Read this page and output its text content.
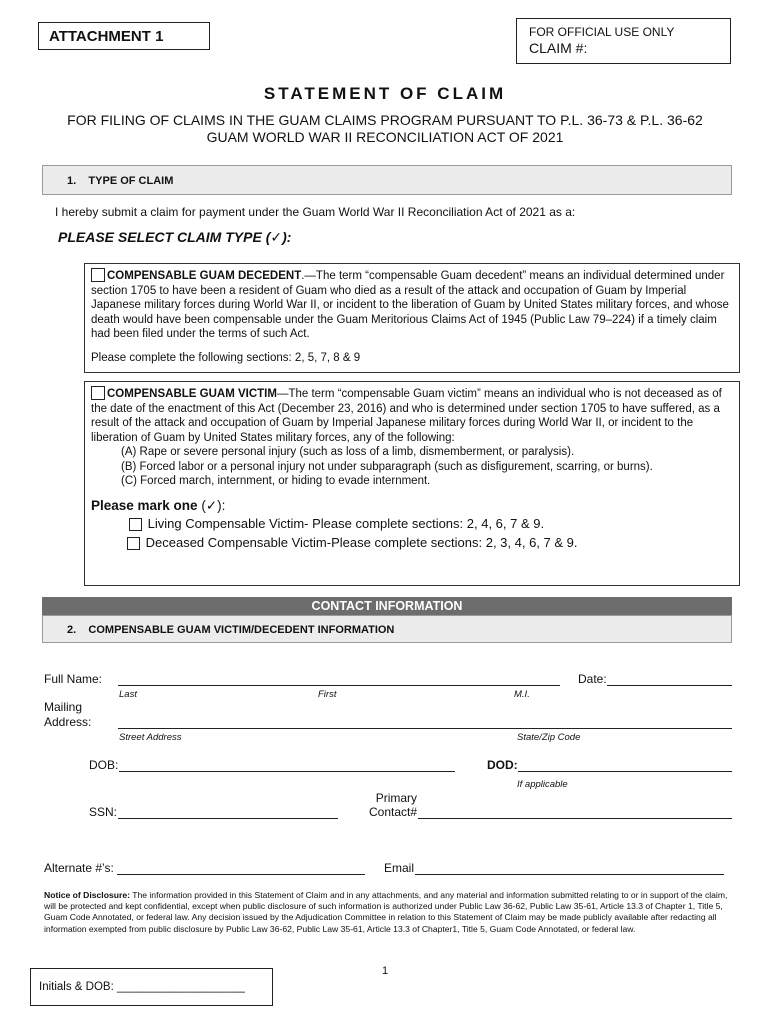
ATTACHMENT 1	FOR OFFICIAL USE ONLY
CLAIM #:
STATEMENT OF CLAIM
FOR FILING OF CLAIMS IN THE GUAM CLAIMS PROGRAM PURSUANT TO P.L. 36-73 & P.L. 36-62
GUAM WORLD WAR II RECONCILIATION ACT OF 2021
1. TYPE OF CLAIM
I hereby submit a claim for payment under the Guam World War II Reconciliation Act of 2021 as a:
PLEASE SELECT CLAIM TYPE (✓):
COMPENSABLE GUAM DECEDENT.—The term “compensable Guam decedent” means an individual determined under section 1705 to have been a resident of Guam who died as a result of the attack and occupation of Guam by Imperial Japanese military forces during World War II, or incident to the liberation of Guam by United States military forces, and whose death would have been compensable under the Guam Meritorious Claims Act of 1945 (Public Law 79–224) if a timely claim had been filed under the terms of such Act.
Please complete the following sections: 2, 5, 7, 8 & 9
COMPENSABLE GUAM VICTIM—The term “compensable Guam victim” means an individual who is not deceased as of the date of the enactment of this Act (December 23, 2016) and who is determined under section 1705 to have suffered, as a result of the attack and occupation of Guam by Imperial Japanese military forces during World War II, or incident to the liberation of Guam by United States military forces, any of the following:
(A) Rape or severe personal injury (such as loss of a limb, dismemberment, or paralysis).
(B) Forced labor or a personal injury not under subparagraph (such as disfigurement, scarring, or burns).
(C) Forced march, internment, or hiding to evade internment.
Please mark one (✓):
Living Compensable Victim- Please complete sections: 2, 4, 6, 7 & 9.
Deceased Compensable Victim-Please complete sections: 2, 3, 4, 6, 7 & 9.
CONTACT INFORMATION
2. COMPENSABLE GUAM VICTIM/DECEDENT INFORMATION
Full Name:	Date:
Last	First	M.I.
Mailing
Address:
Street Address	State/Zip Code
DOB:	DOD:
If applicable
SSN:
Primary
Contact#
Alternate #’s:	Email
Notice of Disclosure: The information provided in this Statement of Claim and in any attachments, and any material and information submitted relating to or in support of the claim, will be protected and kept confidential, except when public disclosure of such information is authorized under Public Law 36-62, Public Law 35-61, Article 13.3 of Chapter 1, Title 5, Guam Code Annotated, or federal law. Any decision issued by the Adjudication Committee in relation to this Statement of Claim may be made publicly available after redacting all information exempted from public disclosure by Public Law 36-62, Public Law 35-61, Article 13.3 of Chapter1, Title 5, Guam Code Annotated, or federal law.
1
Initials & DOB: ____________________
